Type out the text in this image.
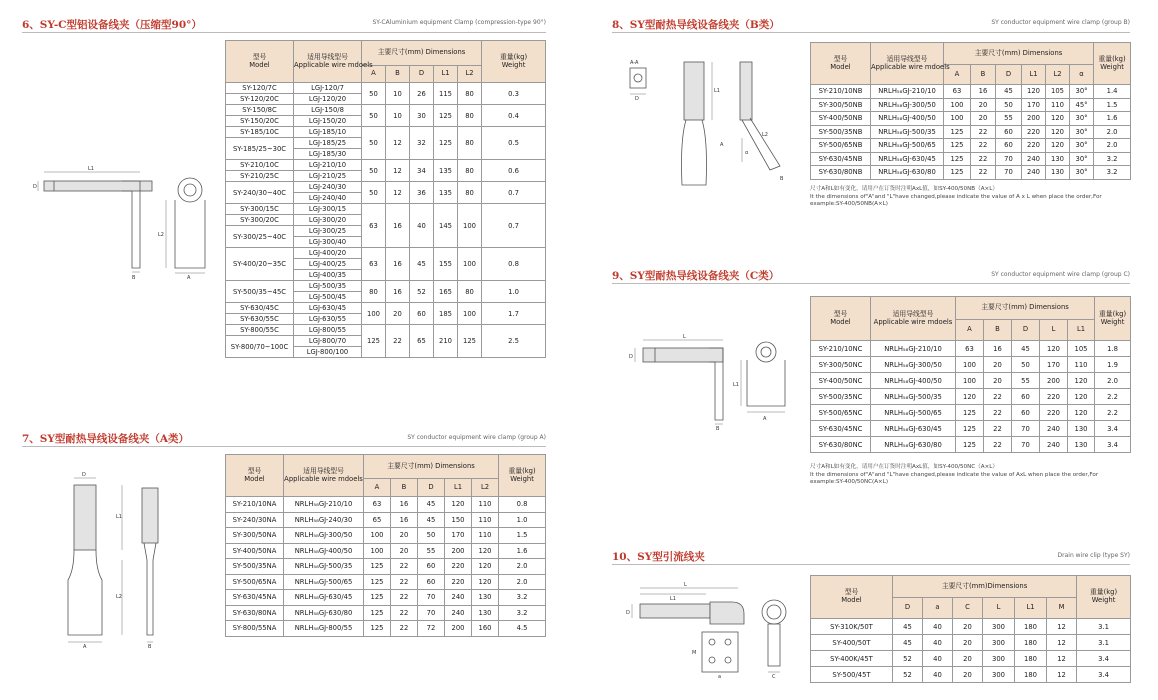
6、SY-C型铝设备线夹（压缩型90°）	SY-CAluminium equipment Clamp (compression-type 90°)
L1
D
B
L2
A
型号
Model	适用导线型号
Applicable wire mdoels	主要尺寸(mm) Dimensions					重量(kg)
Weight
		A	B	D	L1	L2	
SY-120/7C	LGJ-120/7	50	10	26	115	80	0.3
SY-120/20C	LGJ-120/20						
SY-150/8C	LGJ-150/8	50	10	30	125	80	0.4
SY-150/20C	LGJ-150/20						
SY-185/10C	LGJ-185/10	50	12	32	125	80	0.5
SY-185/25~30C	LGJ-185/25						
	LGJ-185/30						
SY-210/10C	LGJ-210/10	50	12	34	135	80	0.6
SY-210/25C	LGJ-210/25						
SY-240/30~40C	LGJ-240/30	50	12	36	135	80	0.7
	LGJ-240/40						
SY-300/15C	LGJ-300/15	63	16	40	145	100	0.7
SY-300/20C	LGJ-300/20						
SY-300/25~40C	LGJ-300/25						
	LGJ-300/40						
SY-400/20~35C	LGJ-400/20	63	16	45	155	100	0.8
	LGJ-400/25						
	LGJ-400/35						
SY-500/35~45C	LGJ-500/35	80	16	52	165	80	1.0
	LGJ-500/45						
SY-630/45C	LGJ-630/45	100	20	60	185	100	1.7
SY-630/55C	LGJ-630/55						
SY-800/55C	LGJ-800/55	125	22	65	210	125	2.5
SY-800/70~100C	LGJ-800/70						
	LGJ-800/100						
7、SY型耐热导线设备线夹（A类）	SY conductor equipment wire clamp (group A)
D
L1
L2
A	B
型号
Model	适用导线型号
Applicable wire mdoels	主要尺寸(mm) Dimensions					重量(kg)
Weight
		A	B	D	L1	L2	
SY-210/10NA	NRLH₅₈GJ-210/10	63	16	45	120	110	0.8
SY-240/30NA	NRLH₅₈GJ-240/30	65	16	45	150	110	1.0
SY-300/50NA	NRLH₅₈GJ-300/50	100	20	50	170	110	1.5
SY-400/50NA	NRLH₅₈GJ-400/50	100	20	55	200	120	1.6
SY-500/35NA	NRLH₅₈GJ-500/35	125	22	60	220	120	2.0
SY-500/65NA	NRLH₅₈GJ-500/65	125	22	60	220	120	2.0
SY-630/45NA	NRLH₅₈GJ-630/45	125	22	70	240	130	3.2
SY-630/80NA	NRLH₅₈GJ-630/80	125	22	70	240	130	3.2
SY-800/55NA	NRLH₅₈GJ-800/55	125	22	72	200	160	4.5
8、SY型耐热导线设备线夹（B类）	SY conductor equipment wire clamp (group B)
A-A
D
L1
α
L2
A
B
型号
Model	适用导线型号
Applicable wire mdoels	主要尺寸(mm) Dimensions						重量(kg)
Weight
		A	B	D	L1	L2	α	
SY-210/10NB	NRLH₅₈GJ-210/10	63	16	45	120	105	30°	1.4
SY-300/50NB	NRLH₅₈GJ-300/50	100	20	50	170	110	45°	1.5
SY-400/50NB	NRLH₅₈GJ-400/50	100	20	55	200	120	30°	1.6
SY-500/35NB	NRLH₅₈GJ-500/35	125	22	60	220	120	30°	2.0
SY-500/65NB	NRLH₅₈GJ-500/65	125	22	60	220	120	30°	2.0
SY-630/45NB	NRLH₅₈GJ-630/45	125	22	70	240	130	30°	3.2
SY-630/80NB	NRLH₅₈GJ-630/80	125	22	70	240	130	30°	3.2
尺寸A和L如有变化，请用户在订货时注明AxL值，如SY-400/50NB（A×L）
It the dimensions of"A"and "L"have changed,please indicate the value of A x L when place the order,For example:SY-400/50NB(A×L)
9、SY型耐热导线设备线夹（C类）	SY conductor equipment wire clamp (group C)
L
D
B
L1
A
型号
Model	适用导线型号
Applicable wire mdoels	主要尺寸(mm) Dimensions					重量(kg)
Weight
		A	B	D	L	L1	
SY-210/10NC	NRLH₅₈GJ-210/10	63	16	45	120	105	1.8
SY-300/50NC	NRLH₅₈GJ-300/50	100	20	50	170	110	1.9
SY-400/50NC	NRLH₅₈GJ-400/50	100	20	55	200	120	2.0
SY-500/35NC	NRLH₅₈GJ-500/35	120	22	60	220	120	2.2
SY-500/65NC	NRLH₅₈GJ-500/65	125	22	60	220	120	2.2
SY-630/45NC	NRLH₅₈GJ-630/45	125	22	70	240	130	3.4
SY-630/80NC	NRLH₅₈GJ-630/80	125	22	70	240	130	3.4
尺寸A和L如有变化，请用户在订货时注明AxL值，如SY-400/50NC（A×L）
It the dimensions of"A"and "L"have changed,please indicate the value of AxL when place the order,For example:SY-400/50NC(A×L)
10、SY型引流线夹	Drain wire clip (type SY)
L
L1
D
M
a	C
型号
Model	主要尺寸(mm)Dimensions						重量(kg)
Weight
	D	a	C	L	L1	M	
SY-310K/50T	45	40	20	300	180	12	3.1
SY-400/50T	45	40	20	300	180	12	3.1
SY-400K/45T	52	40	20	300	180	12	3.4
SY-500/45T	52	40	20	300	180	12	3.4
